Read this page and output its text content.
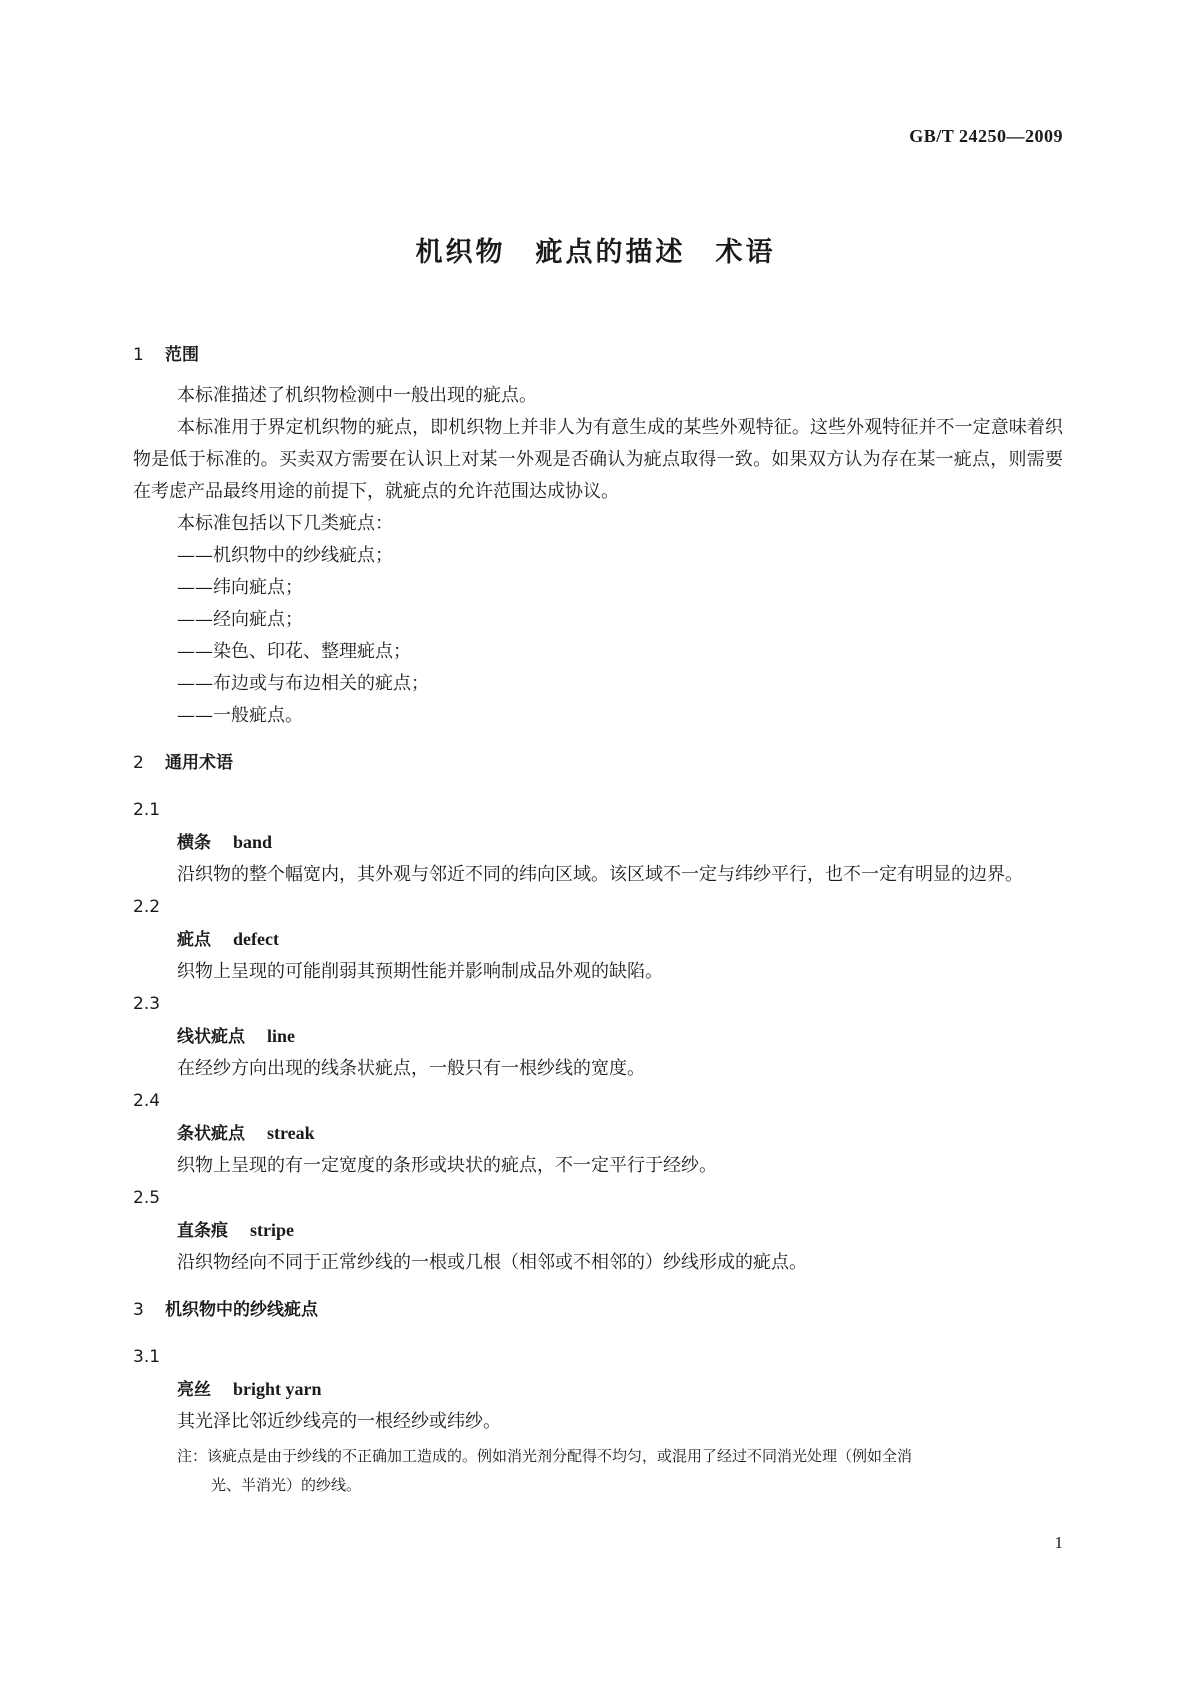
GB/T 24250—2009
机织物　疵点的描述　术语

1 范围

本标准描述了机织物检测中一般出现的疵点。

本标准用于界定机织物的疵点，即机织物上并非人为有意生成的某些外观特征。这些外观特征并不一定意味着织物是低于标准的。买卖双方需要在认识上对某一外观是否确认为疵点取得一致。如果双方认为存在某一疵点，则需要在考虑产品最终用途的前提下，就疵点的允许范围达成协议。

本标准包括以下几类疵点：

——机织物中的纱线疵点；

——纬向疵点；

——经向疵点；

——染色、印花、整理疵点；

——布边或与布边相关的疵点；

——一般疵点。

2 通用术语

2.1

横条 band

沿织物的整个幅宽内，其外观与邻近不同的纬向区域。该区域不一定与纬纱平行，也不一定有明显的边界。

2.2

疵点 defect

织物上呈现的可能削弱其预期性能并影响制成品外观的缺陷。

2.3

线状疵点 line

在经纱方向出现的线条状疵点，一般只有一根纱线的宽度。

2.4

条状疵点 streak

织物上呈现的有一定宽度的条形或块状的疵点，不一定平行于经纱。

2.5

直条痕 stripe

沿织物经向不同于正常纱线的一根或几根（相邻或不相邻的）纱线形成的疵点。

3 机织物中的纱线疵点

3.1

亮丝 bright yarn

其光泽比邻近纱线亮的一根经纱或纬纱。

注：该疵点是由于纱线的不正确加工造成的。例如消光剂分配得不均匀，或混用了经过不同消光处理（例如全消

光、半消光）的纱线。

1
